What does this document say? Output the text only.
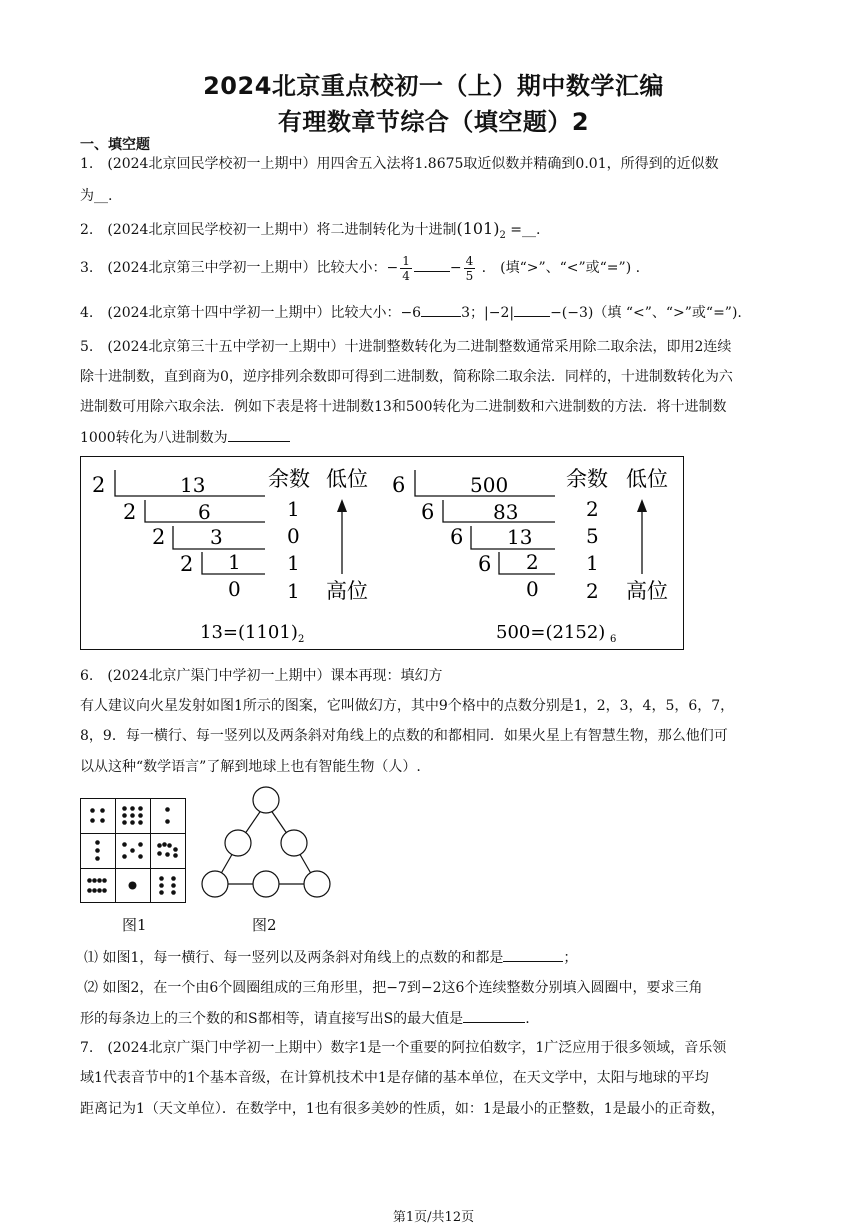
2024北京重点校初一（上）期中数学汇编
有理数章节综合（填空题）2
一、填空题
1.　(2024北京回民学校初一上期中）用四舍五入法将1.8675取近似数并精确到0.01，所得到的近似数
为__.
2.　(2024北京回民学校初一上期中）将二进制转化为十进制$(101)_2$ =__.
3.　(2024北京第三中学初一上期中）比较大小：− $\frac{1}{4}$	− $\frac{4}{5}$ .　(填“>”、“<”或“=”) .
4.　(2024北京第十四中学初一上期中）比较大小：−6	3；|−2|	−(−3)（填 “<”、“>”或“=”).
5.　(2024北京第三十五中学初一上期中）十进制整数转化为二进制整数通常采用除二取余法，即用2连续
除十进制数，直到商为0，逆序排列余数即可得到二进制数，简称除二取余法．同样的，十进制数转化为六
进制数可用除六取余法．例如下表是将十进制数13和500转化为二进制数和六进制数的方法．将十进制数
1000转化为八进制数为
2	13
2	6
2 3
2 1
0
余数 低位
1
0
1
1 高位
13=(1101) 2
6	500
6	83
6 13
6 2
0
余数 低位
2
5
1
2 高位
500=(2152) 6
6.　(2024北京广渠门中学初一上期中）课本再现：填幻方
有人建议向火星发射如图1所示的图案，它叫做幻方，其中9个格中的点数分别是1，2，3，4，5，6，7，
8，9．每一横行、每一竖列以及两条斜对角线上的点数的和都相同．如果火星上有智慧生物，那么他们可
以从这种“数学语言”了解到地球上也有智能生物（人）.
图1	图2
⑴ 如图1，每一横行、每一竖列以及两条斜对角线上的点数的和都是	；
⑵ 如图2，在一个由6个圆圈组成的三角形里，把−7到−2这6个连续整数分别填入圆圈中，要求三角
形的每条边上的三个数的和S都相等，请直接写出S的最大值是	.
7.　(2024北京广渠门中学初一上期中）数字1是一个重要的阿拉伯数字，1广泛应用于很多领域，音乐领
域1代表音节中的1个基本音级，在计算机技术中1是存储的基本单位，在天文学中，太阳与地球的平均
距离记为1（天文单位）．在数学中，1也有很多美妙的性质，如：1是最小的正整数，1是最小的正奇数，
第1页/共12页
